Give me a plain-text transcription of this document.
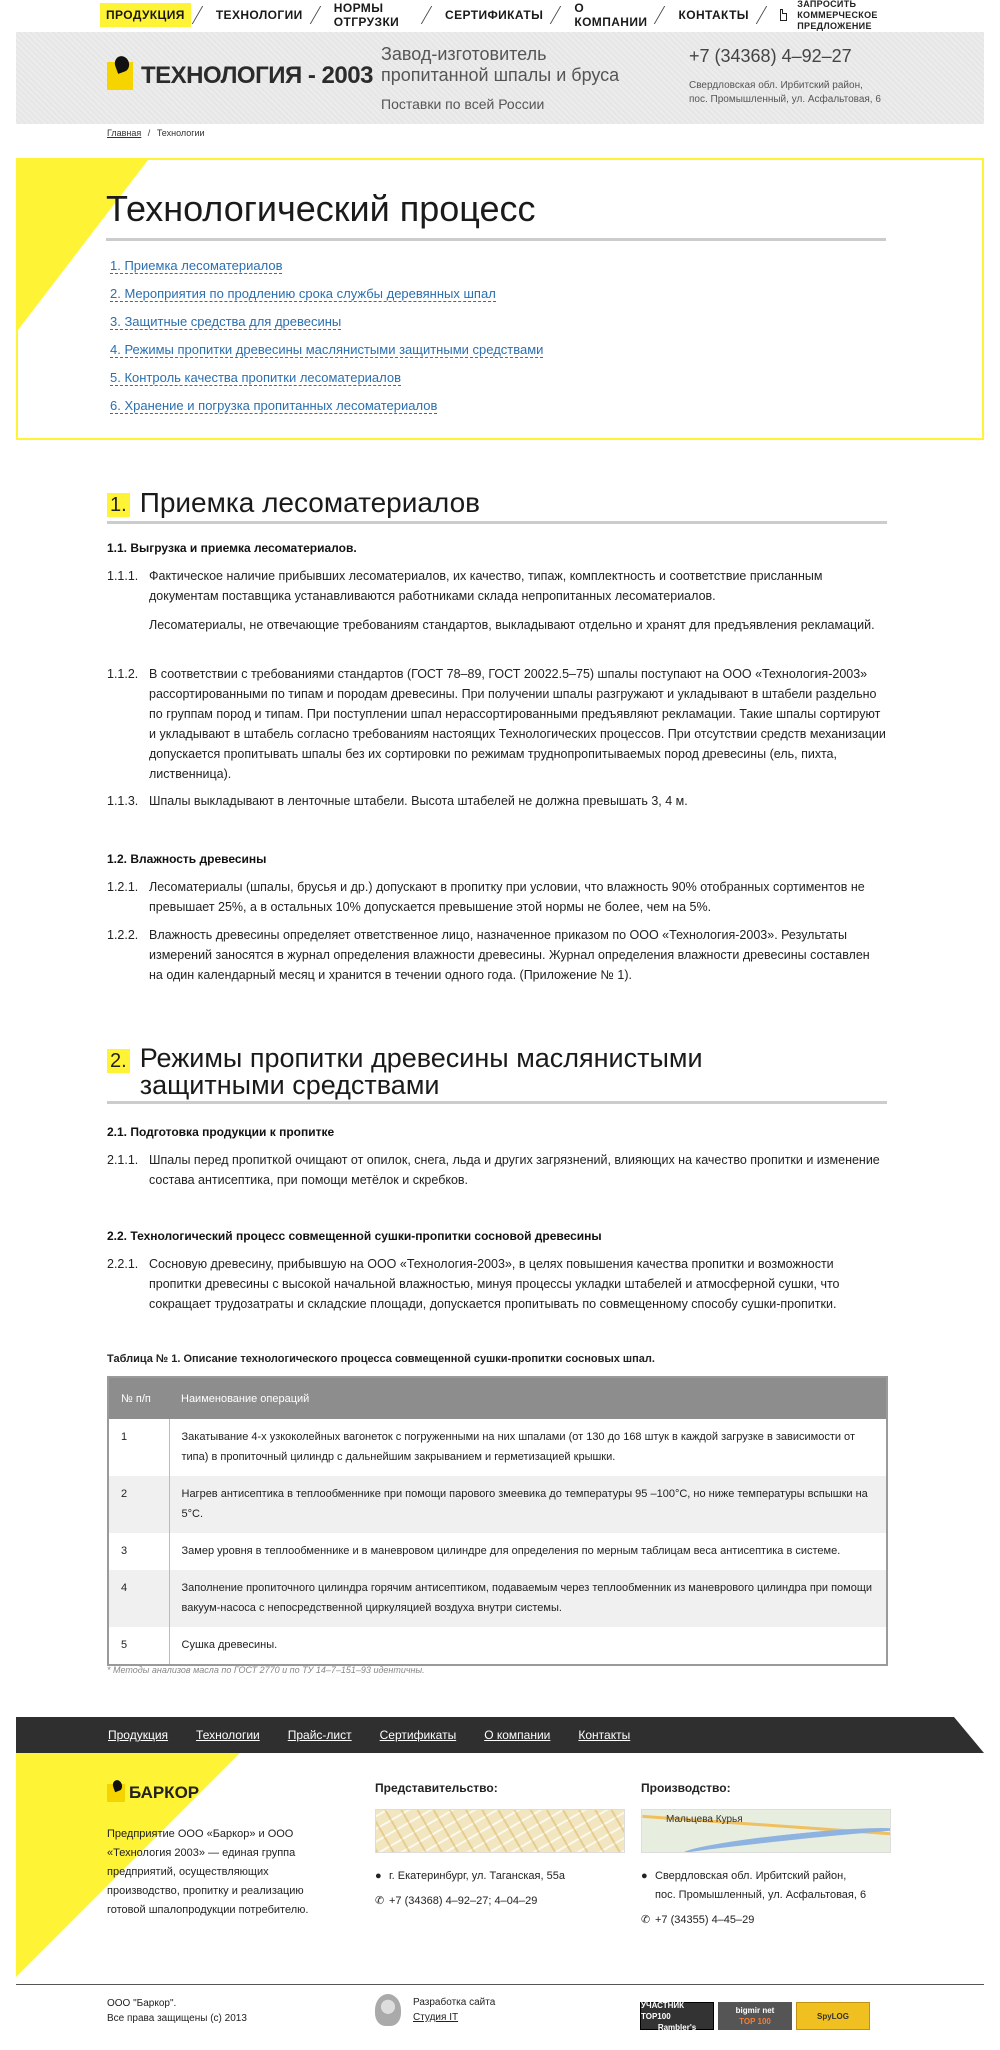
ПРОДУКЦИЯ	ТЕХНОЛОГИИ	НОРМЫ ОТГРУЗКИ	СЕРТИФИКАТЫ	О КОМПАНИИ	КОНТАКТЫ
ЗАПРОСИТЬ
КОММЕРЧЕСКОЕ ПРЕДЛОЖЕНИЕ
ТЕХНОЛОГИЯ - 2003
Завод-изготовитель
пропитанной шпалы и бруса
Поставки по всей России
+7 (34368) 4–92–27
Свердловская обл. Ирбитский район,
пос. Промышленный, ул. Асфальтовая, 6
Главная / Технологии
Технологический процесс
1. Приемка лесоматериалов
2. Мероприятия по продлению срока службы деревянных шпал
3. Защитные средства для древесины
4. Режимы пропитки древесины маслянистыми защитными средствами
5. Контроль качества пропитки лесоматериалов
6. Хранение и погрузка пропитанных лесоматериалов
1. Приемка лесоматериалов
1.1. Выгрузка и приемка лесоматериалов.
1.1.1. Фактическое наличие прибывших лесоматериалов, их качество, типаж, комплектность и соответствие присланным документам поставщика устанавливаются работниками склада непропитанных лесоматериалов.
Лесоматериалы, не отвечающие требованиям стандартов, выкладывают отдельно и хранят для предъявления рекламаций.
1.1.2. В соответствии с требованиями стандартов (ГОСТ 78–89, ГОСТ 20022.5–75) шпалы поступают на ООО «Технология-2003» рассортированными по типам и породам древесины. При получении шпалы разгружают и укладывают в штабели раздельно по группам пород и типам. При поступлении шпал нерассортированными предъявляют рекламации. Такие шпалы сортируют и укладывают в штабель согласно требованиям настоящих Технологических процессов. При отсутствии средств механизации допускается пропитывать шпалы без их сортировки по режимам труднопропитываемых пород древесины (ель, пихта, лиственница).
1.1.3. Шпалы выкладывают в ленточные штабели. Высота штабелей не должна превышать 3, 4 м.
1.2. Влажность древесины
1.2.1. Лесоматериалы (шпалы, брусья и др.) допускают в пропитку при условии, что влажность 90% отобранных сортиментов не превышает 25%, а в остальных 10% допускается превышение этой нормы не более, чем на 5%.
1.2.2. Влажность древесины определяет ответственное лицо, назначенное приказом по ООО «Технология-2003». Результаты измерений заносятся в журнал определения влажности древесины. Журнал определения влажности древесины составлен на один календарный месяц и хранится в течении одного года. (Приложение № 1).
2. Режимы пропитки древесины маслянистыми
защитными средствами
2.1. Подготовка продукции к пропитке
2.1.1. Шпалы перед пропиткой очищают от опилок, снега, льда и других загрязнений, влияющих на качество пропитки и изменение состава антисептика, при помощи метёлок и скребков.
2.2. Технологический процесс совмещенной сушки-пропитки сосновой древесины
2.2.1. Сосновую древесину, прибывшую на ООО «Технология-2003», в целях повышения качества пропитки и возможности пропитки древесины с высокой начальной влажностью, минуя процессы укладки штабелей и атмосферной сушки, что сокращает трудозатраты и складские площади, допускается пропитывать по совмещенному способу сушки-пропитки.
Таблица № 1. Описание технологического процесса совмещенной сушки-пропитки сосновых шпал.
№ п/п	Наименование операций
1	Закатывание 4-х узкоколейных вагонеток с погруженными на них шпалами (от 130 до 168 штук в каждой загрузке в зависимости от типа) в пропиточный цилиндр с дальнейшим закрыванием и герметизацией крышки.
2	Нагрев антисептика в теплообменнике при помощи парового змеевика до температуры 95 –100°С, но ниже температуры вспышки на 5°С.
3	Замер уровня в теплообменнике и в маневровом цилиндре для определения по мерным таблицам веса антисептика в системе.
4	Заполнение пропиточного цилиндра горячим антисептиком, подаваемым через теплообменник из маневрового цилиндра при помощи вакуум-насоса с непосредственной циркуляцией воздуха внутри системы.
5	Сушка древесины.
* Методы анализов масла по ГОСТ 2770 и по ТУ 14–7–151–93 идентичны.
Продукция Технологии Прайс-лист Сертификаты О компании Контакты
БАРКОР
Предприятие ООО «Баркор» и ООО «Технология 2003» — единая группа предприятий, осуществляющих производство, пропитку и реализацию готовой шпалопродукции потребителю.
Представительство:
● г. Екатеринбург, ул. Таганская, 55а
✆ +7 (34368) 4–92–27; 4–04–29
Производство:
Мальцева Курья
● Свердловская обл. Ирбитский район,
пос. Промышленный, ул. Асфальтовая, 6
✆ +7 (34355) 4–45–29
ООО "Баркор".
Все права защищены (с) 2013
Разработка сайта
Студия IT
УЧАСТНИК TOP100
Rambler's
bigmir net
TOP 100
SpyLOG
